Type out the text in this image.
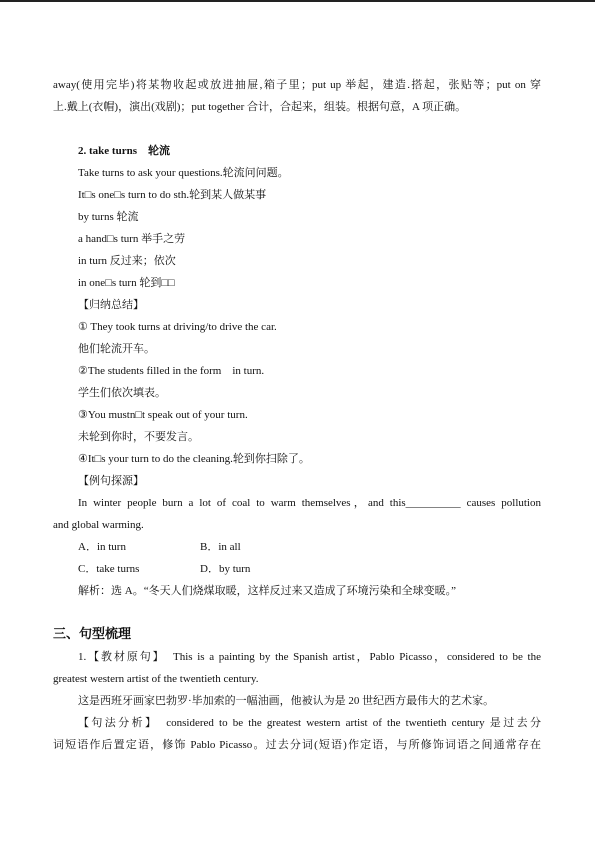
away(使用完毕)将某物收起或放进抽屉,箱子里；put up 举起，建造.搭起，张贴等；put on 穿
上.戴上(衣帽)，演出(戏剧)；put together 合计，合起来，组装。根据句意，A 项正确。
2. take turns　轮流
Take turns to ask your questions.轮流问问题。
It□s one□s turn to do sth.轮到某人做某事
by turns 轮流
a hand□s turn 举手之劳
in turn 反过来；依次
in one□s turn 轮到□□
【归纳总结】
① They took turns at driving/to drive the car.
他们轮流开车。
②The students filled in the form　in turn.
学生们依次填表。
③You mustn□t speak out of your turn.
未轮到你时，不要发言。
④It□s your turn to do the cleaning.轮到你扫除了。
【例句探源】
In winter people burn a lot of coal to warm themselves，and this__________ causes pollution
and global warming.
A．in turn	B．in all
C．take turns	D．by turn
解析：选 A。“冬天人们烧煤取暖，这样反过来又造成了环境污染和全球变暖。”
三、句型梳理
1.【教材原句】　This is a painting by the Spanish artist，Pablo Picasso，considered to be the
greatest western artist of the twentieth century.
这是西班牙画家巴勃罗·毕加索的一幅油画，他被认为是 20 世纪西方最伟大的艺术家。
【句法分析】　considered to be the greatest western artist of the twentieth century 是过去分
词短语作后置定语，修饰 Pablo Picasso。过去分词(短语)作定语，与所修饰词语之间通常存在
